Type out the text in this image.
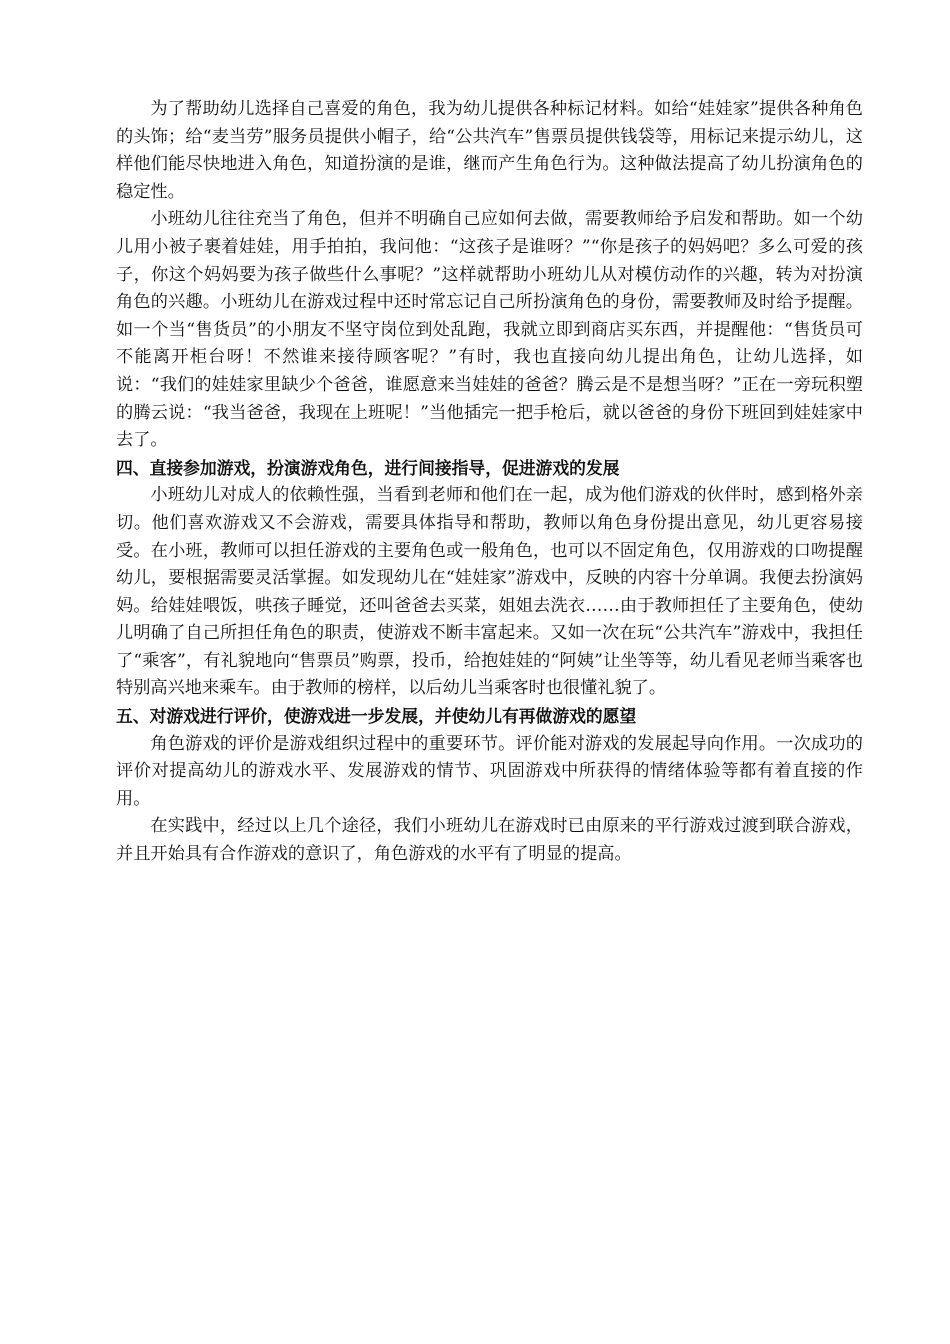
为了帮助幼儿选择自己喜爱的角色，我为幼儿提供各种标记材料。如给“娃娃家”提供各种角色的头饰；给“麦当劳”服务员提供小帽子，给“公共汽车”售票员提供钱袋等，用标记来提示幼儿，这样他们能尽快地进入角色，知道扮演的是谁，继而产生角色行为。这种做法提高了幼儿扮演角色的稳定性。

小班幼儿往往充当了角色，但并不明确自己应如何去做，需要教师给予启发和帮助。如一个幼儿用小被子裹着娃娃，用手拍拍，我问他：“这孩子是谁呀？”“你是孩子的妈妈吧？多么可爱的孩子，你这个妈妈要为孩子做些什么事呢？”这样就帮助小班幼儿从对模仿动作的兴趣，转为对扮演角色的兴趣。小班幼儿在游戏过程中还时常忘记自己所扮演角色的身份，需要教师及时给予提醒。如一个当“售货员”的小朋友不坚守岗位到处乱跑，我就立即到商店买东西，并提醒他：“售货员可不能离开柜台呀！不然谁来接待顾客呢？”有时，我也直接向幼儿提出角色，让幼儿选择，如说：“我们的娃娃家里缺少个爸爸，谁愿意来当娃娃的爸爸？腾云是不是想当呀？”正在一旁玩积塑的腾云说：“我当爸爸，我现在上班呢！”当他插完一把手枪后，就以爸爸的身份下班回到娃娃家中去了。

四、直接参加游戏，扮演游戏角色，进行间接指导，促进游戏的发展

小班幼儿对成人的依赖性强，当看到老师和他们在一起，成为他们游戏的伙伴时，感到格外亲切。他们喜欢游戏又不会游戏，需要具体指导和帮助，教师以角色身份提出意见，幼儿更容易接受。在小班，教师可以担任游戏的主要角色或一般角色，也可以不固定角色，仅用游戏的口吻提醒幼儿，要根据需要灵活掌握。如发现幼儿在“娃娃家”游戏中，反映的内容十分单调。我便去扮演妈妈。给娃娃喂饭，哄孩子睡觉，还叫爸爸去买菜，姐姐去洗衣……由于教师担任了主要角色，使幼儿明确了自己所担任角色的职责，使游戏不断丰富起来。又如一次在玩“公共汽车”游戏中，我担任了“乘客”，有礼貌地向“售票员”购票，投币，给抱娃娃的“阿姨”让坐等等，幼儿看见老师当乘客也特别高兴地来乘车。由于教师的榜样，以后幼儿当乘客时也很懂礼貌了。

五、对游戏进行评价，使游戏进一步发展，并使幼儿有再做游戏的愿望

角色游戏的评价是游戏组织过程中的重要环节。评价能对游戏的发展起导向作用。一次成功的评价对提高幼儿的游戏水平、发展游戏的情节、巩固游戏中所获得的情绪体验等都有着直接的作用。

在实践中，经过以上几个途径，我们小班幼儿在游戏时已由原来的平行游戏过渡到联合游戏，并且开始具有合作游戏的意识了，角色游戏的水平有了明显的提高。
